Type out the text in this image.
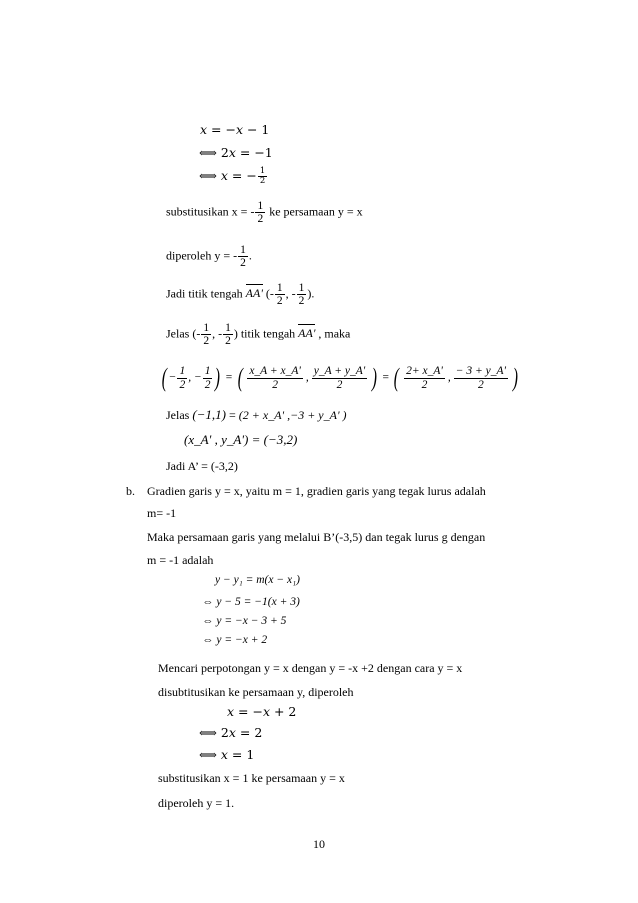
𝑥 = −𝑥 − 1
⟺ 2𝑥 = −1
⟺ 𝑥 = − $\frac{1}{2}$
substitusikan x = - $\frac{1}{2}$ ke persamaan y = x
diperoleh y = - $\frac{1}{2}$ .
Jadi titik tengah AA' (- $\frac{1}{2}$ , - $\frac{1}{2}$ ).
Jelas (- $\frac{1}{2}$ , - $\frac{1}{2}$ ) titik tengah AA' , maka
( − $\frac{1}{2}$ , − $\frac{1}{2}$ ) = ( $\frac{x\_A + x\_A'}{2}$ , $\frac{y\_A + y\_A'}{2}$ ) = ( $\frac{2+ x\_A'}{2}$ , $\frac{- 3 + y\_A'}{2}$ )
Jelas (−1,1) = (2 + x_A' ,−3 + y_A' )
(x_A' , y_A') = (−3,2)
Jadi A’ = (-3,2)
b. Gradien garis y = x, yaitu m = 1, gradien garis yang tegak lurus adalah
m= -1
Maka persamaan garis yang melalui B’(-3,5) dan tegak lurus g dengan
m = -1 adalah
y − y₁ = m(x − x₁)
⇔ y − 5 = −1(x + 3)
⇔ y = −x − 3 + 5
⇔ y = −x + 2
Mencari perpotongan y = x dengan y = -x +2 dengan cara y = x
disubtitusikan ke persamaan y, diperoleh
𝑥 = −𝑥 + 2
⟺ 2𝑥 = 2
⟺ 𝑥 = 1
substitusikan x = 1 ke persamaan y = x
diperoleh y = 1.
10
